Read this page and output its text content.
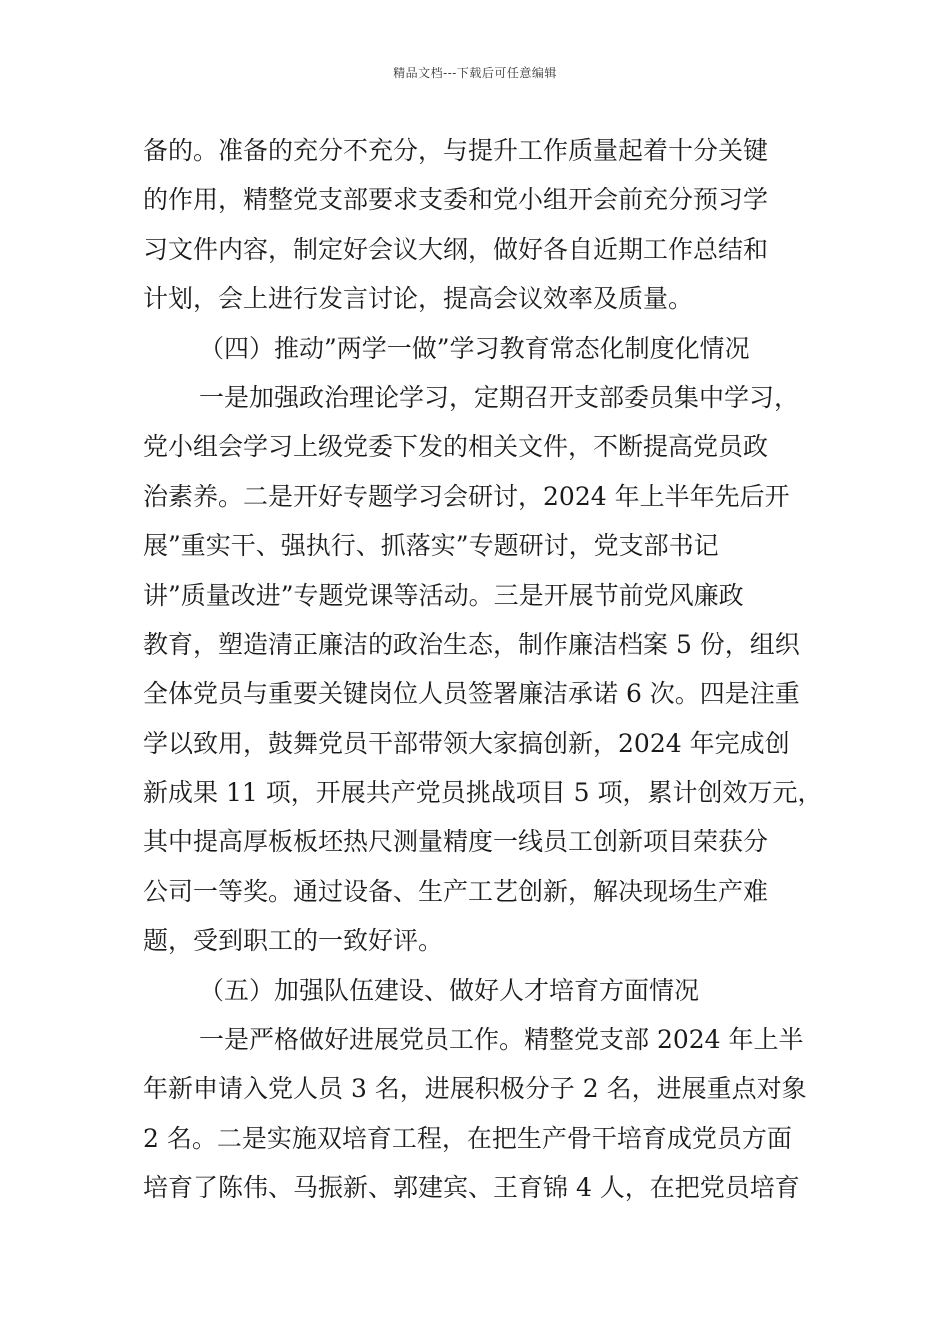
精品文档---下载后可任意编辑
备的。准备的充分不充分，与提升工作质量起着十分关键
的作用，精整党支部要求支委和党小组开会前充分预习学
习文件内容，制定好会议大纲，做好各自近期工作总结和
计划，会上进行发言讨论，提高会议效率及质量。
（四）推动”两学一做”学习教育常态化制度化情况
一是加强政治理论学习，定期召开支部委员集中学习，
党小组会学习上级党委下发的相关文件，不断提高党员政
治素养。二是开好专题学习会研讨，2024 年上半年先后开
展”重实干、强执行、抓落实”专题研讨，党支部书记
讲”质量改进”专题党课等活动。三是开展节前党风廉政
教育，塑造清正廉洁的政治生态，制作廉洁档案 5 份，组织
全体党员与重要关键岗位人员签署廉洁承诺 6 次。四是注重
学以致用，鼓舞党员干部带领大家搞创新，2024 年完成创
新成果 11 项，开展共产党员挑战项目 5 项，累计创效万元，
其中提高厚板板坯热尺测量精度一线员工创新项目荣获分
公司一等奖。通过设备、生产工艺创新，解决现场生产难
题，受到职工的一致好评。
（五）加强队伍建设、做好人才培育方面情况
一是严格做好进展党员工作。精整党支部 2024 年上半
年新申请入党人员 3 名，进展积极分子 2 名，进展重点对象
2 名。二是实施双培育工程，在把生产骨干培育成党员方面
培育了陈伟、马振新、郭建宾、王育锦 4 人，在把党员培育
